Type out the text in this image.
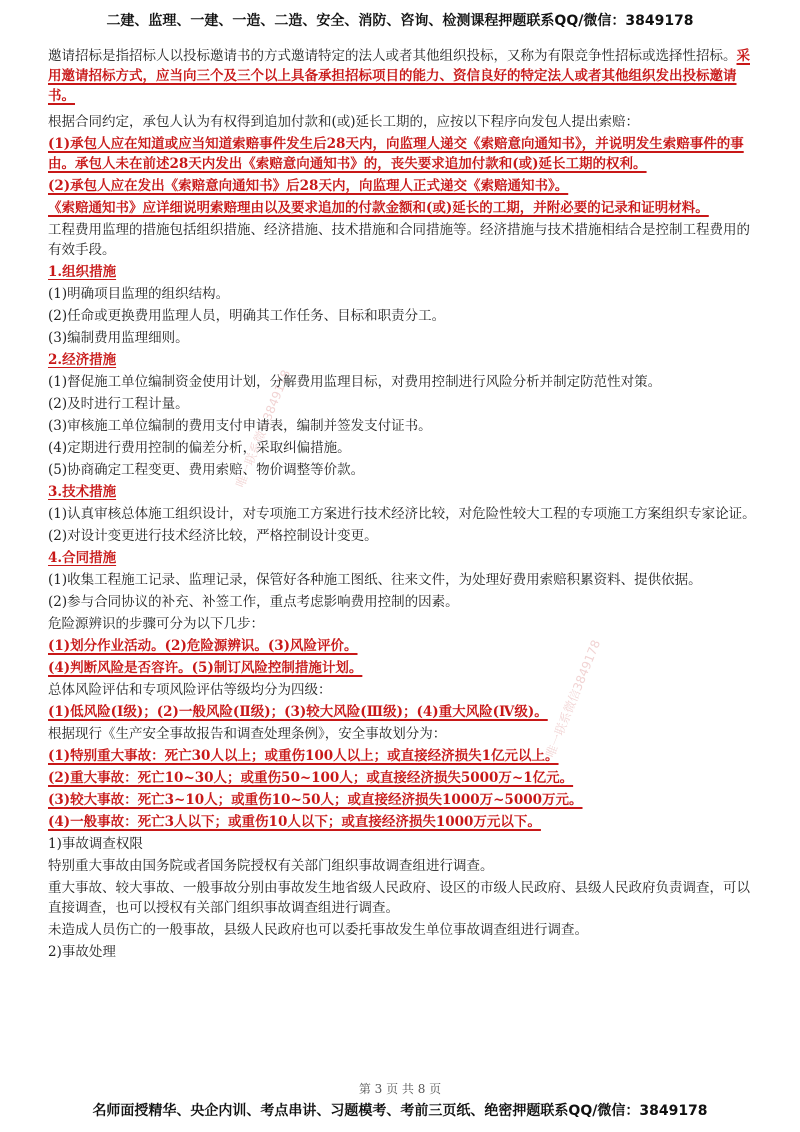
二建、监理、一建、一造、二造、安全、消防、咨询、检测课程押题联系QQ/微信：3849178
唯一联系微信3849178
唯一联系微信3849178

邀请招标是指招标人以投标邀请书的方式邀请特定的法人或者其他组织投标，又称为有限竞争性招标或选择性招标。采用邀请招标方式，应当向三个及三个以上具备承担招标项目的能力、资信良好的特定法人或者其他组织发出投标邀请书。

根据合同约定，承包人认为有权得到追加付款和(或)延长工期的，应按以下程序向发包人提出索赔：

(1)承包人应在知道或应当知道索赔事件发生后28天内，向监理人递交《索赔意向通知书》，并说明发生索赔事件的事由。承包人未在前述28天内发出《索赔意向通知书》的，丧失要求追加付款和(或)延长工期的权利。

(2)承包人应在发出《索赔意向通知书》后28天内，向监理人正式递交《索赔通知书》。

《索赔通知书》应详细说明索赔理由以及要求追加的付款金额和(或)延长的工期，并附必要的记录和证明材料。

工程费用监理的措施包括组织措施、经济措施、技术措施和合同措施等。经济措施与技术措施相结合是控制工程费用的有效手段。

1.组织措施

(1)明确项目监理的组织结构。

(2)任命或更换费用监理人员，明确其工作任务、目标和职责分工。

(3)编制费用监理细则。

2.经济措施

(1)督促施工单位编制资金使用计划，分解费用监理目标，对费用控制进行风险分析并制定防范性对策。

(2)及时进行工程计量。

(3)审核施工单位编制的费用支付申请表，编制并签发支付证书。

(4)定期进行费用控制的偏差分析，采取纠偏措施。

(5)协商确定工程变更、费用索赔、物价调整等价款。

3.技术措施

(1)认真审核总体施工组织设计，对专项施工方案进行技术经济比较，对危险性较大工程的专项施工方案组织专家论证。

(2)对设计变更进行技术经济比较，严格控制设计变更。

4.合同措施

(1)收集工程施工记录、监理记录，保管好各种施工图纸、往来文件，为处理好费用索赔积累资料、提供依据。

(2)参与合同协议的补充、补签工作，重点考虑影响费用控制的因素。

危险源辨识的步骤可分为以下几步：

(1)划分作业活动。(2)危险源辨识。(3)风险评价。

(4)判断风险是否容许。(5)制订风险控制措施计划。

总体风险评估和专项风险评估等级均分为四级：

(1)低风险(Ⅰ级)；(2)一般风险(Ⅱ级)；(3)较大风险(Ⅲ级)；(4)重大风险(Ⅳ级)。

根据现行《生产安全事故报告和调查处理条例》，安全事故划分为：

(1)特别重大事故：死亡30人以上；或重伤100人以上；或直接经济损失1亿元以上。

(2)重大事故：死亡10~30人；或重伤50~100人；或直接经济损失5000万~1亿元。

(3)较大事故：死亡3~10人；或重伤10~50人；或直接经济损失1000万~5000万元。

(4)一般事故：死亡3人以下；或重伤10人以下；或直接经济损失1000万元以下。

1)事故调查权限

特别重大事故由国务院或者国务院授权有关部门组织事故调查组进行调查。

重大事故、较大事故、一般事故分别由事故发生地省级人民政府、设区的市级人民政府、县级人民政府负责调查，可以直接调查，也可以授权有关部门组织事故调查组进行调查。

未造成人员伤亡的一般事故，县级人民政府也可以委托事故发生单位事故调查组进行调查。

2)事故处理

第 3 页 共 8 页
名师面授精华、央企内训、考点串讲、习题模考、考前三页纸、绝密押题联系QQ/微信：3849178
